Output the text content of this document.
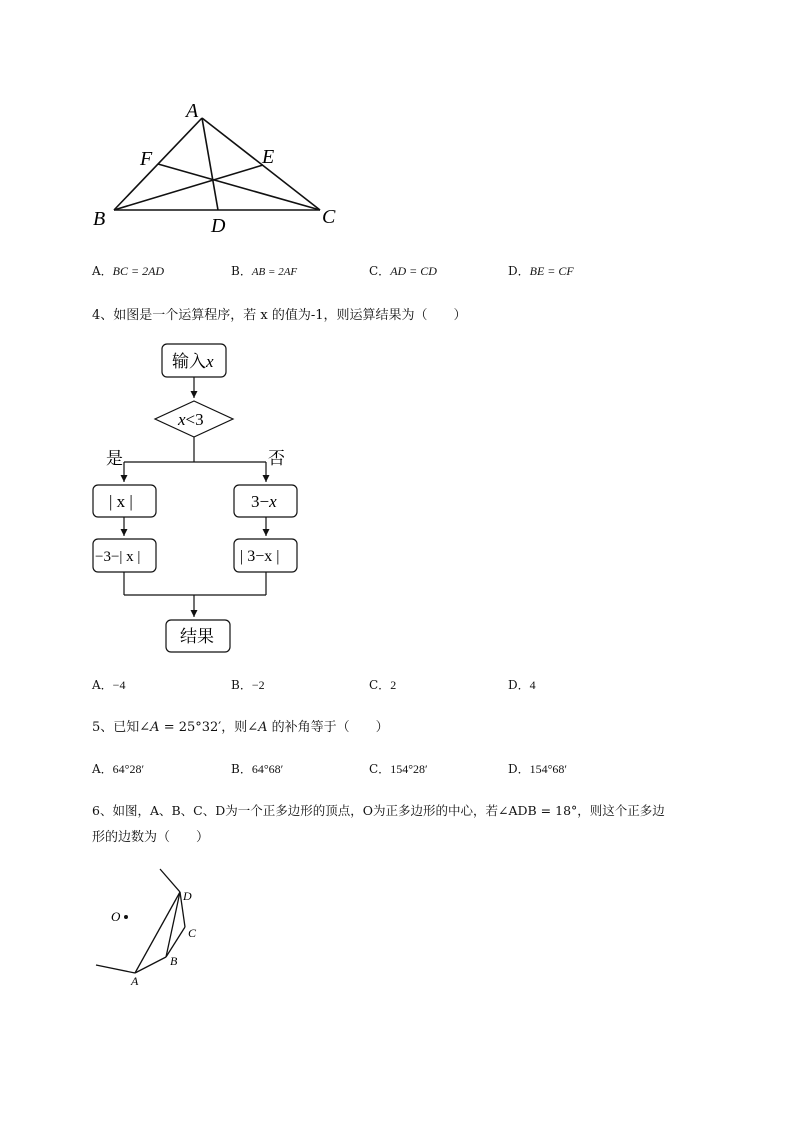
A
F	E
B	D	C
A．BC = 2AD	B．AB = 2AF	C．AD = CD	D．BE = CF
4、如图是一个运算程序，若 x 的值为-1，则运算结果为（　　）
输入x
x<3
是	否
| x |	3−x
−3−| x |	| 3−x |
结果
A．−4	B．−2	C．2	D．4
5、已知∠A = 25°32′，则∠A 的补角等于（　　）
A．64°28′	B．64°68′	C．154°28′	D．154°68′
6、如图，A、B、C、D为一个正多边形的顶点，O为正多边形的中心，若∠ADB = 18°，则这个正多边
形的边数为（　　）
O
D
C
B
A
